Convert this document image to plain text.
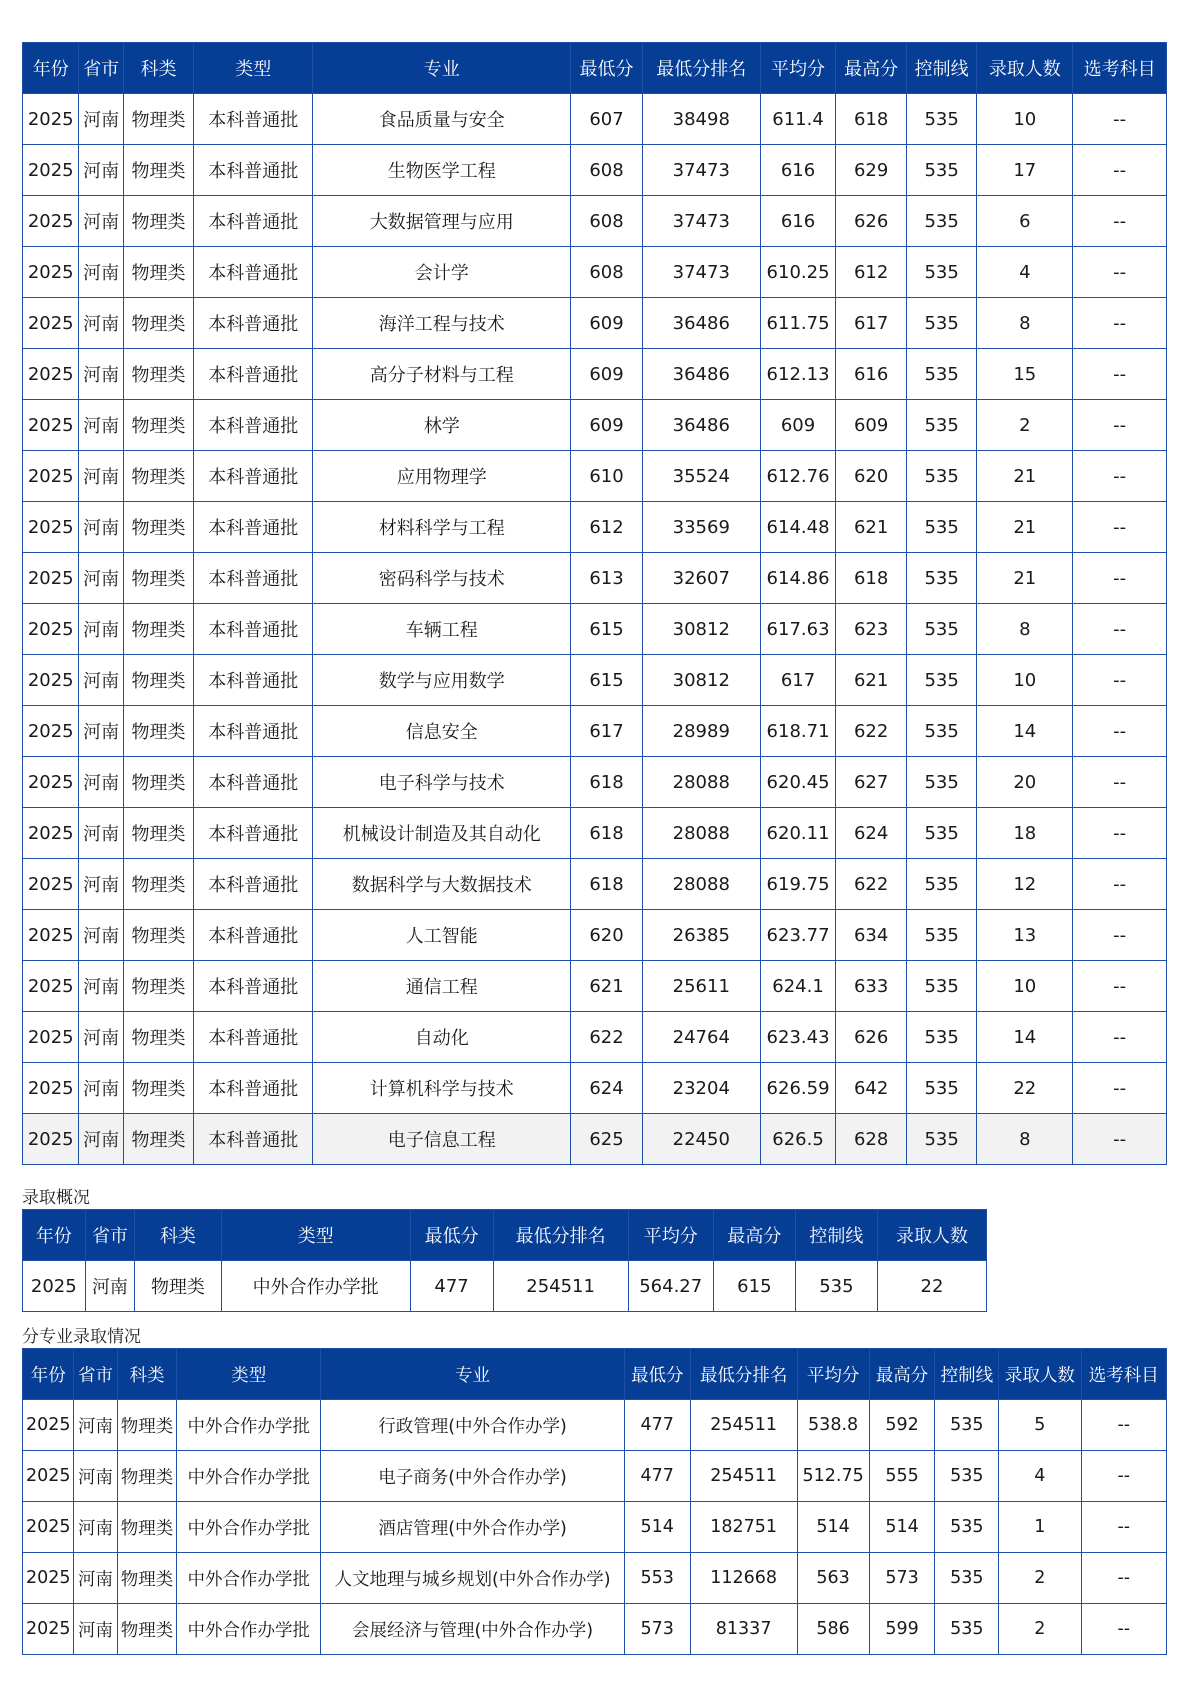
年份	省市	科类	类型	专业	最低分	最低分排名	平均分	最高分	控制线	录取人数	选考科目
2025	河南	物理类	本科普通批	食品质量与安全	607	38498	611.4	618	535	10	--
2025	河南	物理类	本科普通批	生物医学工程	608	37473	616	629	535	17	--
2025	河南	物理类	本科普通批	大数据管理与应用	608	37473	616	626	535	6	--
2025	河南	物理类	本科普通批	会计学	608	37473	610.25	612	535	4	--
2025	河南	物理类	本科普通批	海洋工程与技术	609	36486	611.75	617	535	8	--
2025	河南	物理类	本科普通批	高分子材料与工程	609	36486	612.13	616	535	15	--
2025	河南	物理类	本科普通批	林学	609	36486	609	609	535	2	--
2025	河南	物理类	本科普通批	应用物理学	610	35524	612.76	620	535	21	--
2025	河南	物理类	本科普通批	材料科学与工程	612	33569	614.48	621	535	21	--
2025	河南	物理类	本科普通批	密码科学与技术	613	32607	614.86	618	535	21	--
2025	河南	物理类	本科普通批	车辆工程	615	30812	617.63	623	535	8	--
2025	河南	物理类	本科普通批	数学与应用数学	615	30812	617	621	535	10	--
2025	河南	物理类	本科普通批	信息安全	617	28989	618.71	622	535	14	--
2025	河南	物理类	本科普通批	电子科学与技术	618	28088	620.45	627	535	20	--
2025	河南	物理类	本科普通批	机械设计制造及其自动化	618	28088	620.11	624	535	18	--
2025	河南	物理类	本科普通批	数据科学与大数据技术	618	28088	619.75	622	535	12	--
2025	河南	物理类	本科普通批	人工智能	620	26385	623.77	634	535	13	--
2025	河南	物理类	本科普通批	通信工程	621	25611	624.1	633	535	10	--
2025	河南	物理类	本科普通批	自动化	622	24764	623.43	626	535	14	--
2025	河南	物理类	本科普通批	计算机科学与技术	624	23204	626.59	642	535	22	--
2025	河南	物理类	本科普通批	电子信息工程	625	22450	626.5	628	535	8	--
录取概况
年份	省市	科类	类型	最低分	最低分排名	平均分	最高分	控制线	录取人数
2025	河南	物理类	中外合作办学批	477	254511	564.27	615	535	22
分专业录取情况
年份	省市	科类	类型	专业	最低分	最低分排名	平均分	最高分	控制线	录取人数	选考科目
2025	河南	物理类	中外合作办学批	行政管理(中外合作办学)	477	254511	538.8	592	535	5	--
2025	河南	物理类	中外合作办学批	电子商务(中外合作办学)	477	254511	512.75	555	535	4	--
2025	河南	物理类	中外合作办学批	酒店管理(中外合作办学)	514	182751	514	514	535	1	--
2025	河南	物理类	中外合作办学批	人文地理与城乡规划(中外合作办学)	553	112668	563	573	535	2	--
2025	河南	物理类	中外合作办学批	会展经济与管理(中外合作办学)	573	81337	586	599	535	2	--
